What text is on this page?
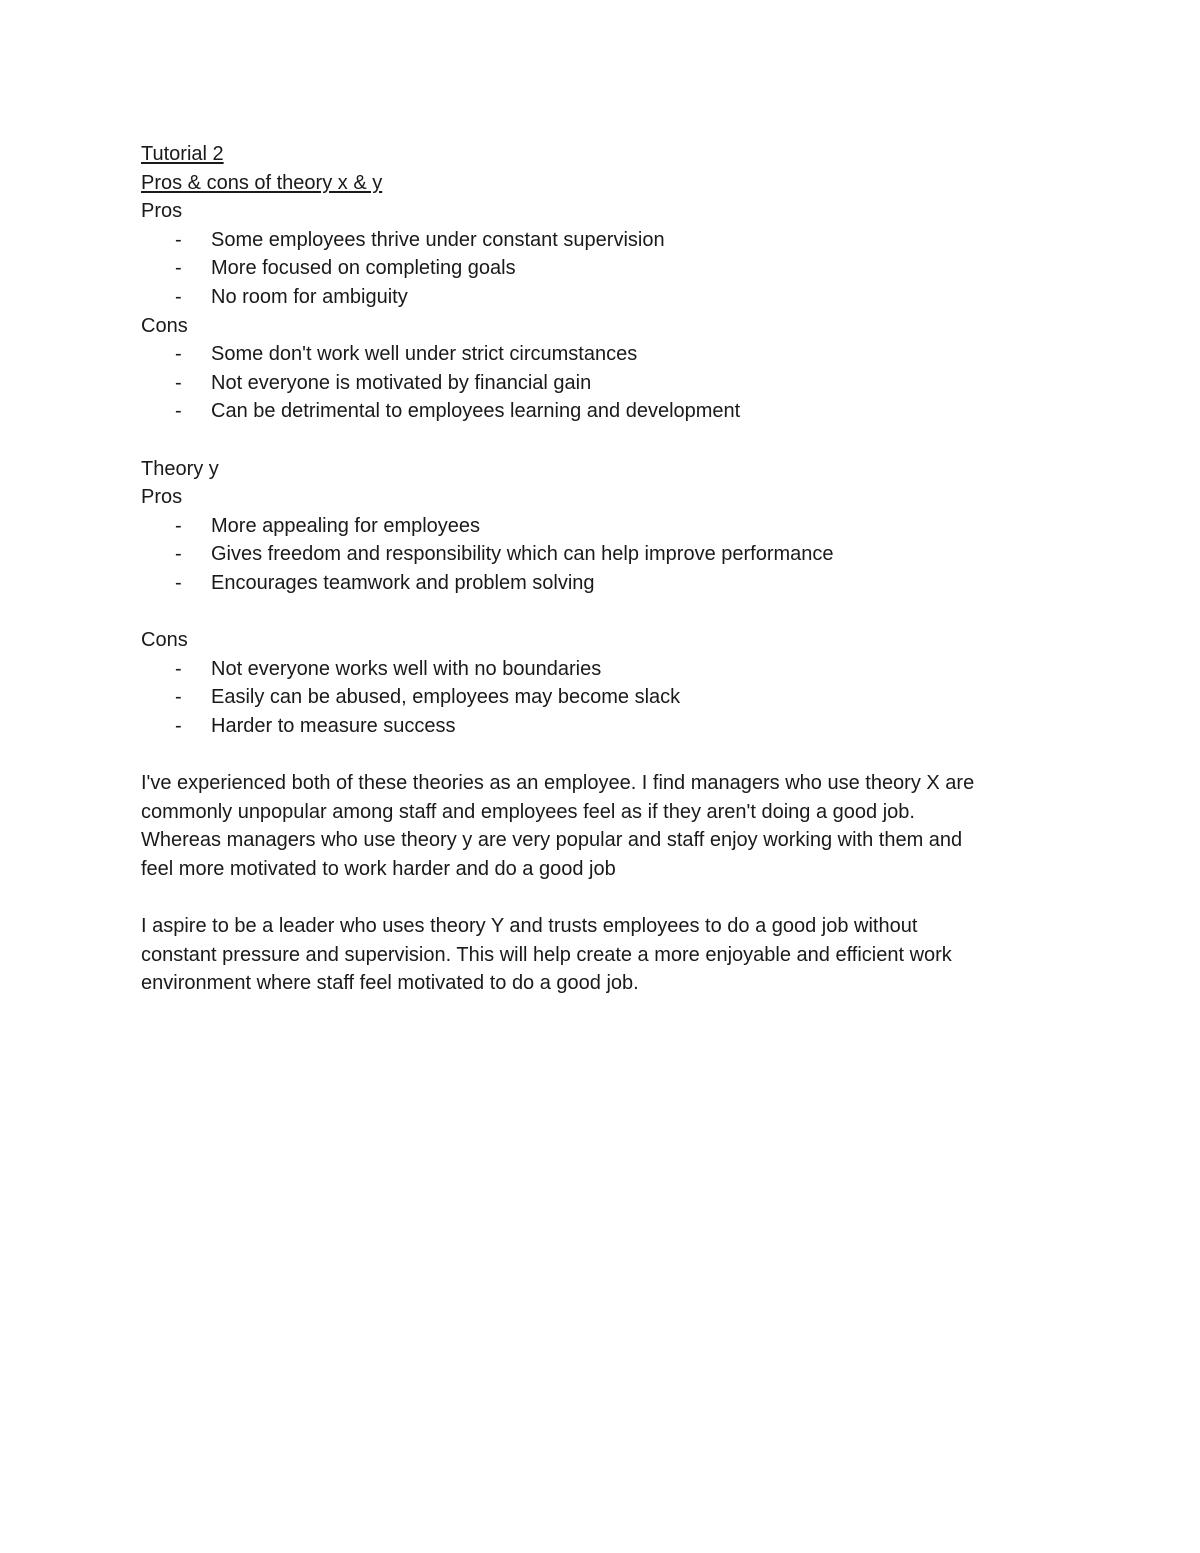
Tutorial 2

Pros & cons of theory x & y

Pros

- Some employees thrive under constant supervision
- More focused on completing goals
- No room for ambiguity

Cons

- Some don't work well under strict circumstances
- Not everyone is motivated by financial gain
- Can be detrimental to employees learning and development

Theory y

Pros

- More appealing for employees
- Gives freedom and responsibility which can help improve performance
- Encourages teamwork and problem solving

Cons

- Not everyone works well with no boundaries
- Easily can be abused, employees may become slack
- Harder to measure success

I've experienced both of these theories as an employee. I find managers who use theory X are
commonly unpopular among staff and employees feel as if they aren't doing a good job.
Whereas managers who use theory y are very popular and staff enjoy working with them and
feel more motivated to work harder and do a good job

I aspire to be a leader who uses theory Y and trusts employees to do a good job without
constant pressure and supervision. This will help create a more enjoyable and efficient work
environment where staff feel motivated to do a good job.
